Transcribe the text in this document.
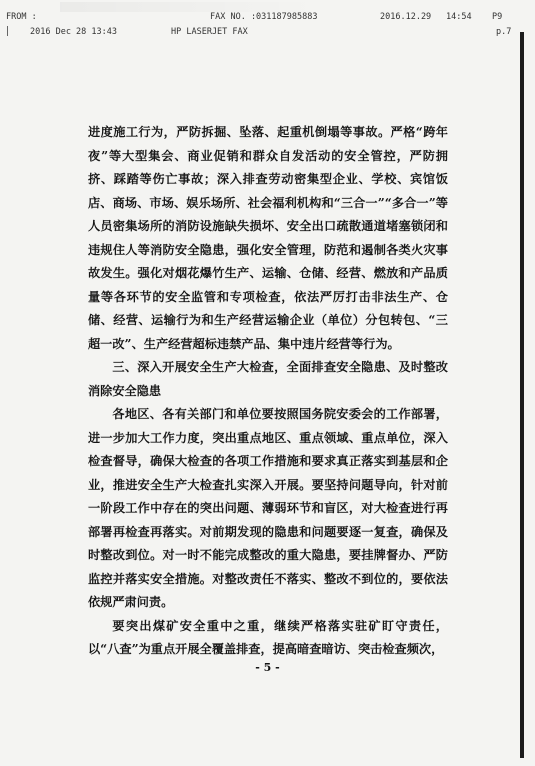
FROM :	FAX NO. :031187985883	2016.12.29 14:54 P9
2016 Dec 28 13:43	HP LASERJET FAX	p.7

进度施工行为，严防拆掘、坠落、起重机倒塌等事故。严格“跨年夜”等大型集会、商业促销和群众自发活动的安全管控，严防拥挤、踩踏等伤亡事故；深入排查劳动密集型企业、学校、宾馆饭店、商场、市场、娱乐场所、社会福利机构和“三合一”“多合一”等人员密集场所的消防设施缺失损坏、安全出口疏散通道堵塞锁闭和违规住人等消防安全隐患，强化安全管理，防范和遏制各类火灾事故发生。强化对烟花爆竹生产、运输、仓储、经营、燃放和产品质量等各环节的安全监管和专项检查，依法严厉打击非法生产、仓储、经营、运输行为和生产经营运输企业（单位）分包转包、“三超一改”、生产经营超标违禁产品、集中违片经营等行为。

三、深入开展安全生产大检查，全面排查安全隐患、及时整改消除安全隐患

各地区、各有关部门和单位要按照国务院安委会的工作部署，进一步加大工作力度，突出重点地区、重点领域、重点单位，深入检查督导，确保大检查的各项工作措施和要求真正落实到基层和企业，推进安全生产大检查扎实深入开展。要坚持问题导向，针对前一阶段工作中存在的突出问题、薄弱环节和盲区，对大检查进行再部署再检查再落实。对前期发现的隐患和问题要逐一复查，确保及时整改到位。对一时不能完成整改的重大隐患，要挂牌督办、严防监控并落实安全措施。对整改责任不落实、整改不到位的，要依法依规严肃问责。

要突出煤矿安全重中之重，继续严格落实驻矿盯守责任，以“八查”为重点开展全覆盖排查，提高暗查暗访、突击检查频次，

- 5 -
